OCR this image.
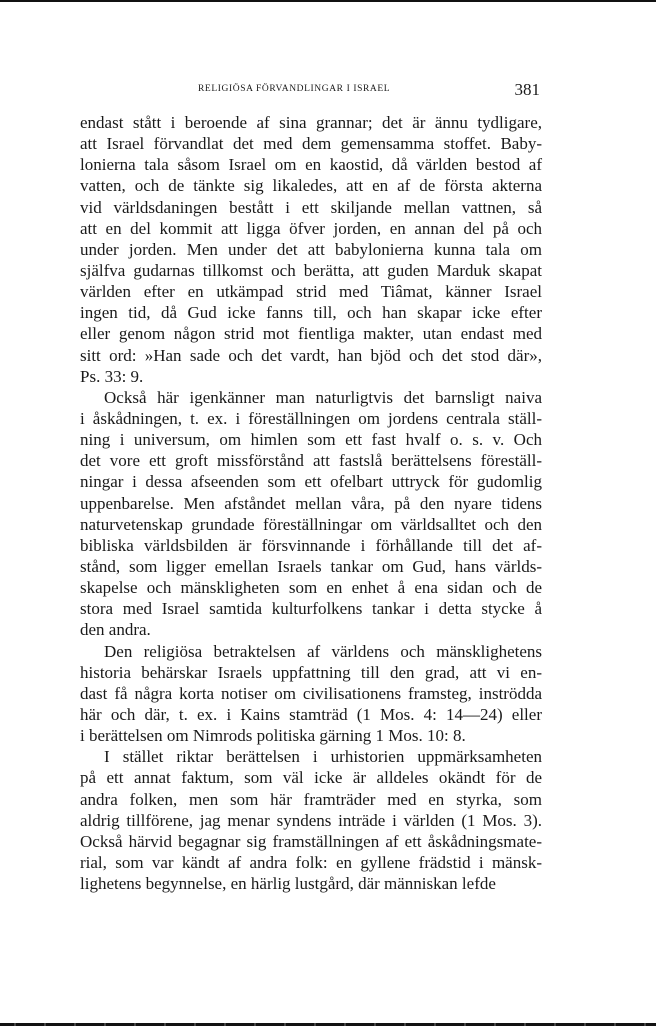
RELIGIÖSA FÖRVANDLINGAR I ISRAEL	381
endast stått i beroende af sina grannar; det är ännu tydligare,
att Israel förvandlat det med dem gemensamma stoffet. Baby-
lonierna tala såsom Israel om en kaostid, då världen bestod af
vatten, och de tänkte sig likaledes, att en af de första akterna
vid världsdaningen bestått i ett skiljande mellan vattnen, så
att en del kommit att ligga öfver jorden, en annan del på och
under jorden. Men under det att babylonierna kunna tala om
själfva gudarnas tillkomst och berätta, att guden Marduk skapat
världen efter en utkämpad strid med Tiâmat, känner Israel
ingen tid, då Gud icke fanns till, och han skapar icke efter
eller genom någon strid mot fientliga makter, utan endast med
sitt ord: »Han sade och det vardt, han bjöd och det stod där»,
Ps. 33: 9.
Också här igenkänner man naturligtvis det barnsligt naiva
i åskådningen, t. ex. i föreställningen om jordens centrala ställ-
ning i universum, om himlen som ett fast hvalf o. s. v. Och
det vore ett groft missförstånd att fastslå berättelsens föreställ-
ningar i dessa afseenden som ett ofelbart uttryck för gudomlig
uppenbarelse. Men afståndet mellan våra, på den nyare tidens
naturvetenskap grundade föreställningar om världsalltet och den
bibliska världsbilden är försvinnande i förhållande till det af-
stånd, som ligger emellan Israels tankar om Gud, hans världs-
skapelse och mänskligheten som en enhet å ena sidan och de
stora med Israel samtida kulturfolkens tankar i detta stycke å
den andra.
Den religiösa betraktelsen af världens och mänsklighetens
historia behärskar Israels uppfattning till den grad, att vi en-
dast få några korta notiser om civilisationens framsteg, inströdda
här och där, t. ex. i Kains stamträd (1 Mos. 4: 14—24) eller
i berättelsen om Nimrods politiska gärning 1 Mos. 10: 8.
I stället riktar berättelsen i urhistorien uppmärksamheten
på ett annat faktum, som väl icke är alldeles okändt för de
andra folken, men som här framträder med en styrka, som
aldrig tillförene, jag menar syndens inträde i världen (1 Mos. 3).
Också härvid begagnar sig framställningen af ett åskådningsmate-
rial, som var kändt af andra folk: en gyllene frädstid i mänsk-
lighetens begynnelse, en härlig lustgård, där människan lefde
